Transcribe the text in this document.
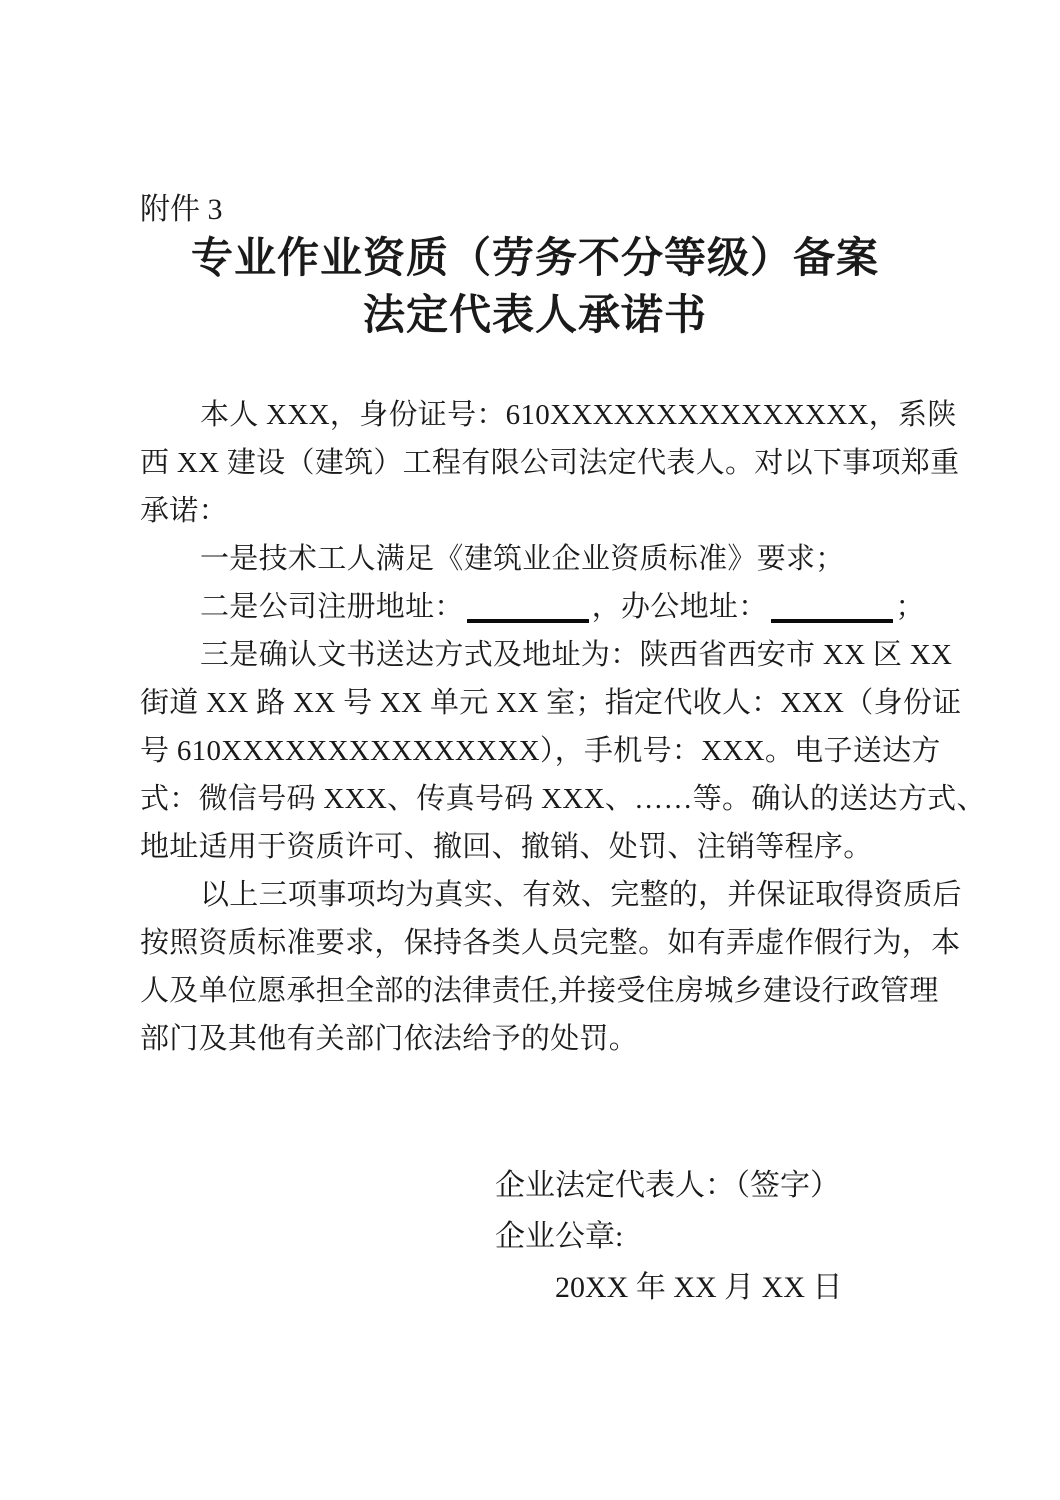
附件 3
专业作业资质（劳务不分等级）备案
法定代表人承诺书
本人 XXX，身份证号：610XXXXXXXXXXXXXXX，系陕
西 XX 建设（建筑）工程有限公司法定代表人。对以下事项郑重
承诺：
一是技术工人满足《建筑业企业资质标准》要求；
二是公司注册地址：	，办公地址：	；
三是确认文书送达方式及地址为：陕西省西安市 XX 区 XX
街道 XX 路 XX 号 XX 单元 XX 室；指定代收人：XXX（身份证
号 610XXXXXXXXXXXXXXX），手机号：XXX。电子送达方
式：微信号码 XXX、传真号码 XXX、……等。确认的送达方式、
地址适用于资质许可、撤回、撤销、处罚、注销等程序。
以上三项事项均为真实、有效、完整的，并保证取得资质后
按照资质标准要求，保持各类人员完整。如有弄虚作假行为，本
人及单位愿承担全部的法律责任,并接受住房城乡建设行政管理
部门及其他有关部门依法给予的处罚。
企业法定代表人：（签字）
企业公章:
20XX 年 XX 月 XX 日
